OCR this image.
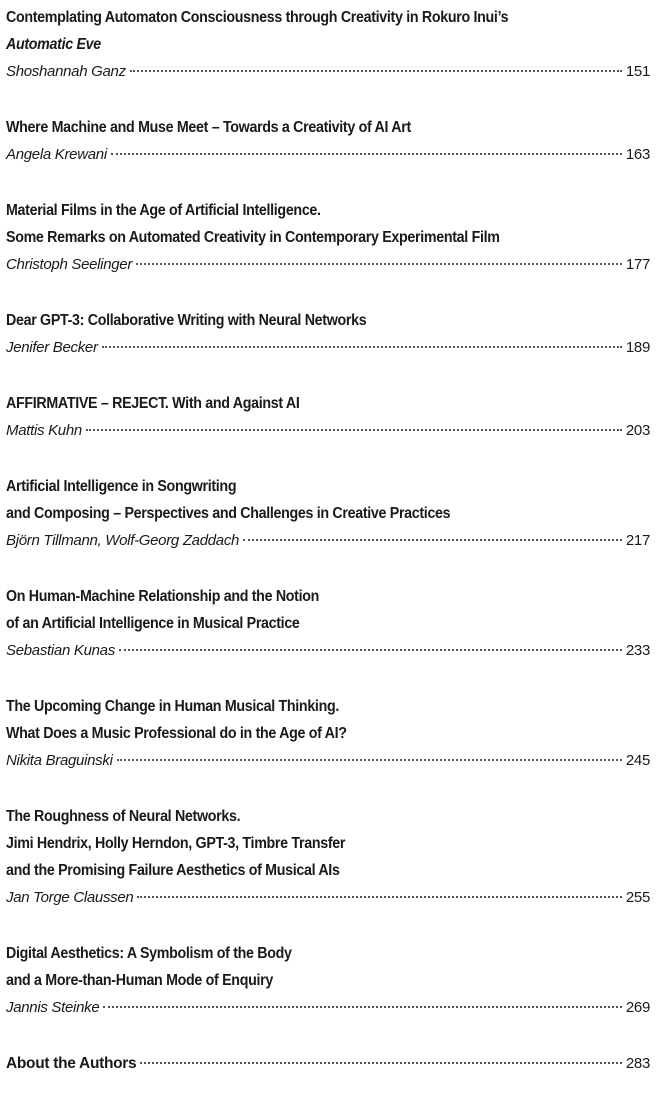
Contemplating Automaton Consciousness through Creativity in Rokuro Inui’s
Automatic Eve
Shoshannah Ganz	151
Where Machine and Muse Meet – Towards a Creativity of AI Art
Angela Krewani	163
Material Films in the Age of Artificial Intelligence.
Some Remarks on Automated Creativity in Contemporary Experimental Film
Christoph Seelinger	177
Dear GPT-3: Collaborative Writing with Neural Networks
Jenifer Becker	189
AFFIRMATIVE – REJECT. With and Against AI
Mattis Kuhn	203
Artificial Intelligence in Songwriting
and Composing – Perspectives and Challenges in Creative Practices
Björn Tillmann, Wolf-Georg Zaddach	217
On Human-Machine Relationship and the Notion
of an Artificial Intelligence in Musical Practice
Sebastian Kunas	233
The Upcoming Change in Human Musical Thinking.
What Does a Music Professional do in the Age of AI?
Nikita Braguinski	245
The Roughness of Neural Networks.
Jimi Hendrix, Holly Herndon, GPT-3, Timbre Transfer
and the Promising Failure Aesthetics of Musical AIs
Jan Torge Claussen	255
Digital Aesthetics: A Symbolism of the Body
and a More-than-Human Mode of Enquiry
Jannis Steinke	269
About the Authors	283
